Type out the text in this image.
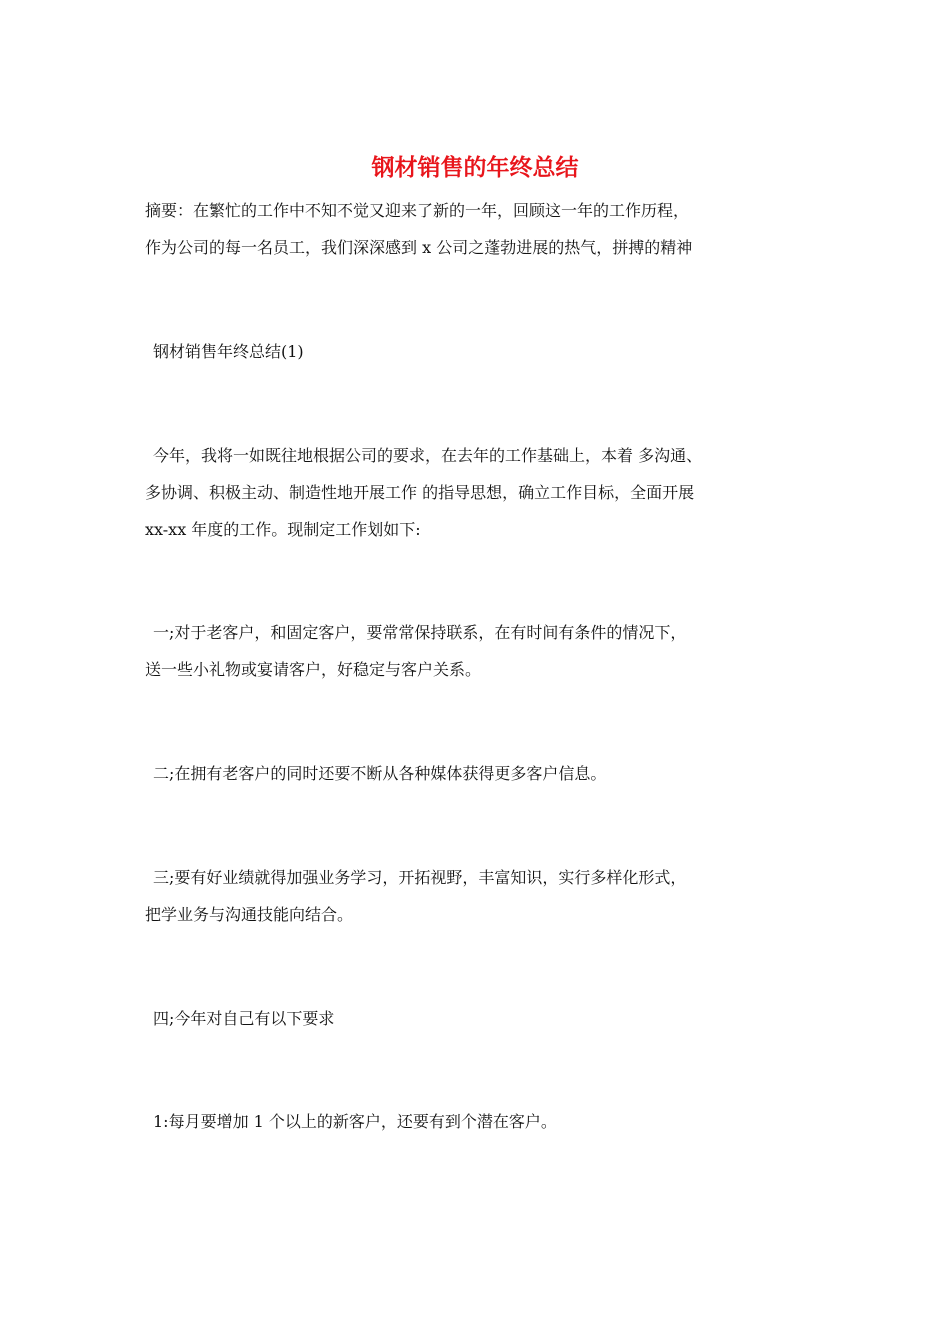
钢材销售的年终总结

摘要：在繁忙的工作中不知不觉又迎来了新的一年，回顾这一年的工作历程，

作为公司的每一名员工，我们深深感到 x 公司之蓬勃进展的热气，拼搏的精神

钢材销售年终总结(1)

今年，我将一如既往地根据公司的要求，在去年的工作基础上，本着 多沟通、

多协调、积极主动、制造性地开展工作 的指导思想，确立工作目标，全面开展

xx-xx 年度的工作。现制定工作划如下:

一;对于老客户，和固定客户，要常常保持联系，在有时间有条件的情况下，

送一些小礼物或宴请客户，好稳定与客户关系。

二;在拥有老客户的同时还要不断从各种媒体获得更多客户信息。

三;要有好业绩就得加强业务学习，开拓视野，丰富知识，实行多样化形式，

把学业务与沟通技能向结合。

四;今年对自己有以下要求

1:每月要增加 1 个以上的新客户，还要有到个潜在客户。
